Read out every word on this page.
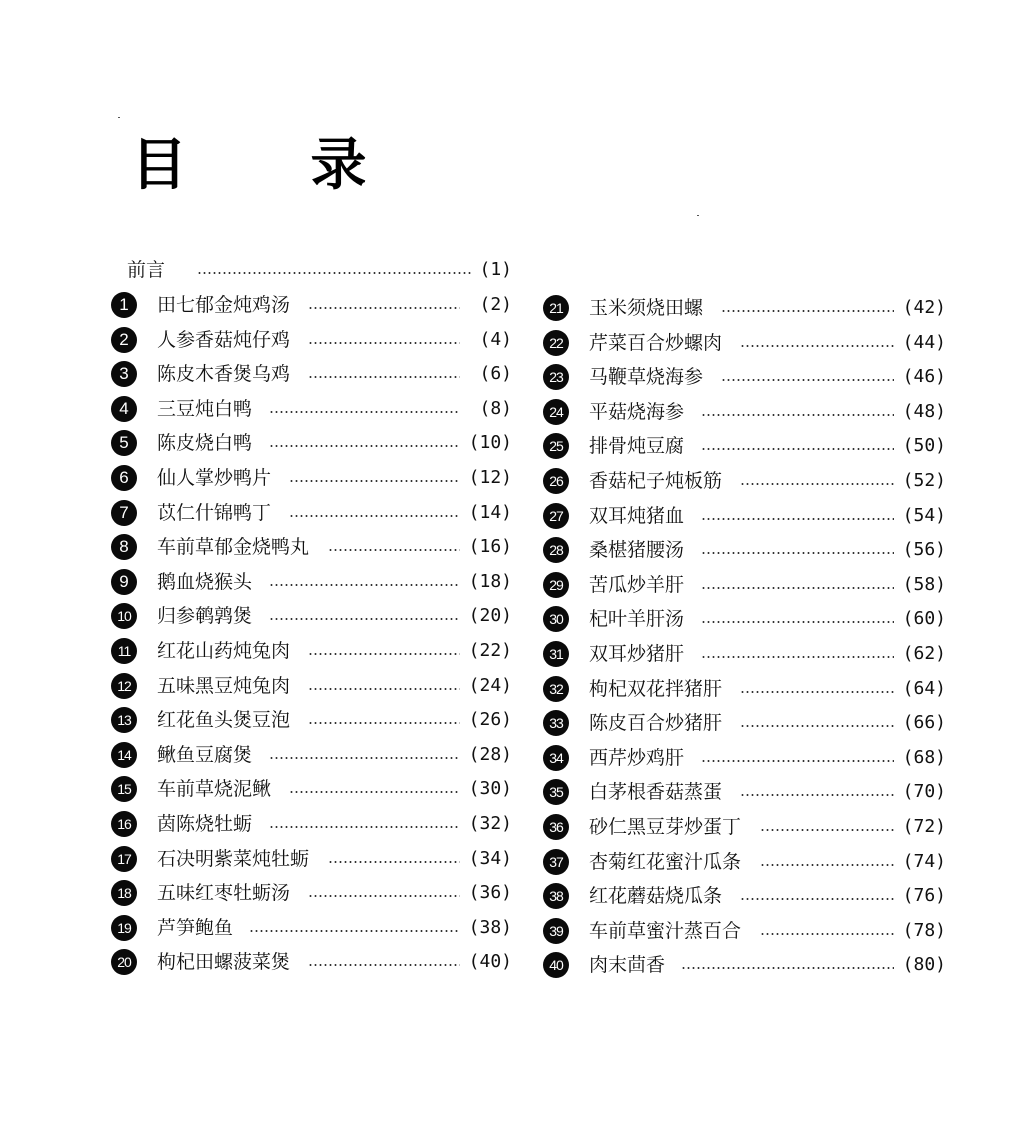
目 录
前言	(1)
1	田七郁金炖鸡汤	(2)
2	人参香菇炖仔鸡	(4)
3	陈皮木香煲乌鸡	(6)
4	三豆炖白鸭	(8)
5	陈皮烧白鸭	(10)
6	仙人掌炒鸭片	(12)
7	苡仁什锦鸭丁	(14)
8	车前草郁金烧鸭丸	(16)
9	鹅血烧猴头	(18)
10	归参鹌鹑煲	(20)
11	红花山药炖兔肉	(22)
12	五味黑豆炖兔肉	(24)
13	红花鱼头煲豆泡	(26)
14	鳅鱼豆腐煲	(28)
15	车前草烧泥鳅	(30)
16	茵陈烧牡蛎	(32)
17	石决明紫菜炖牡蛎	(34)
18	五味红枣牡蛎汤	(36)
19	芦笋鲍鱼	(38)
20	枸杞田螺菠菜煲	(40)
21	玉米须烧田螺	(42)
22	芹菜百合炒螺肉	(44)
23	马鞭草烧海参	(46)
24	平菇烧海参	(48)
25	排骨炖豆腐	(50)
26	香菇杞子炖板筋	(52)
27	双耳炖猪血	(54)
28	桑椹猪腰汤	(56)
29	苦瓜炒羊肝	(58)
30	杞叶羊肝汤	(60)
31	双耳炒猪肝	(62)
32	枸杞双花拌猪肝	(64)
33	陈皮百合炒猪肝	(66)
34	西芹炒鸡肝	(68)
35	白茅根香菇蒸蛋	(70)
36	砂仁黑豆芽炒蛋丁	(72)
37	杏菊红花蜜汁瓜条	(74)
38	红花蘑菇烧瓜条	(76)
39	车前草蜜汁蒸百合	(78)
40	肉末茴香	(80)
